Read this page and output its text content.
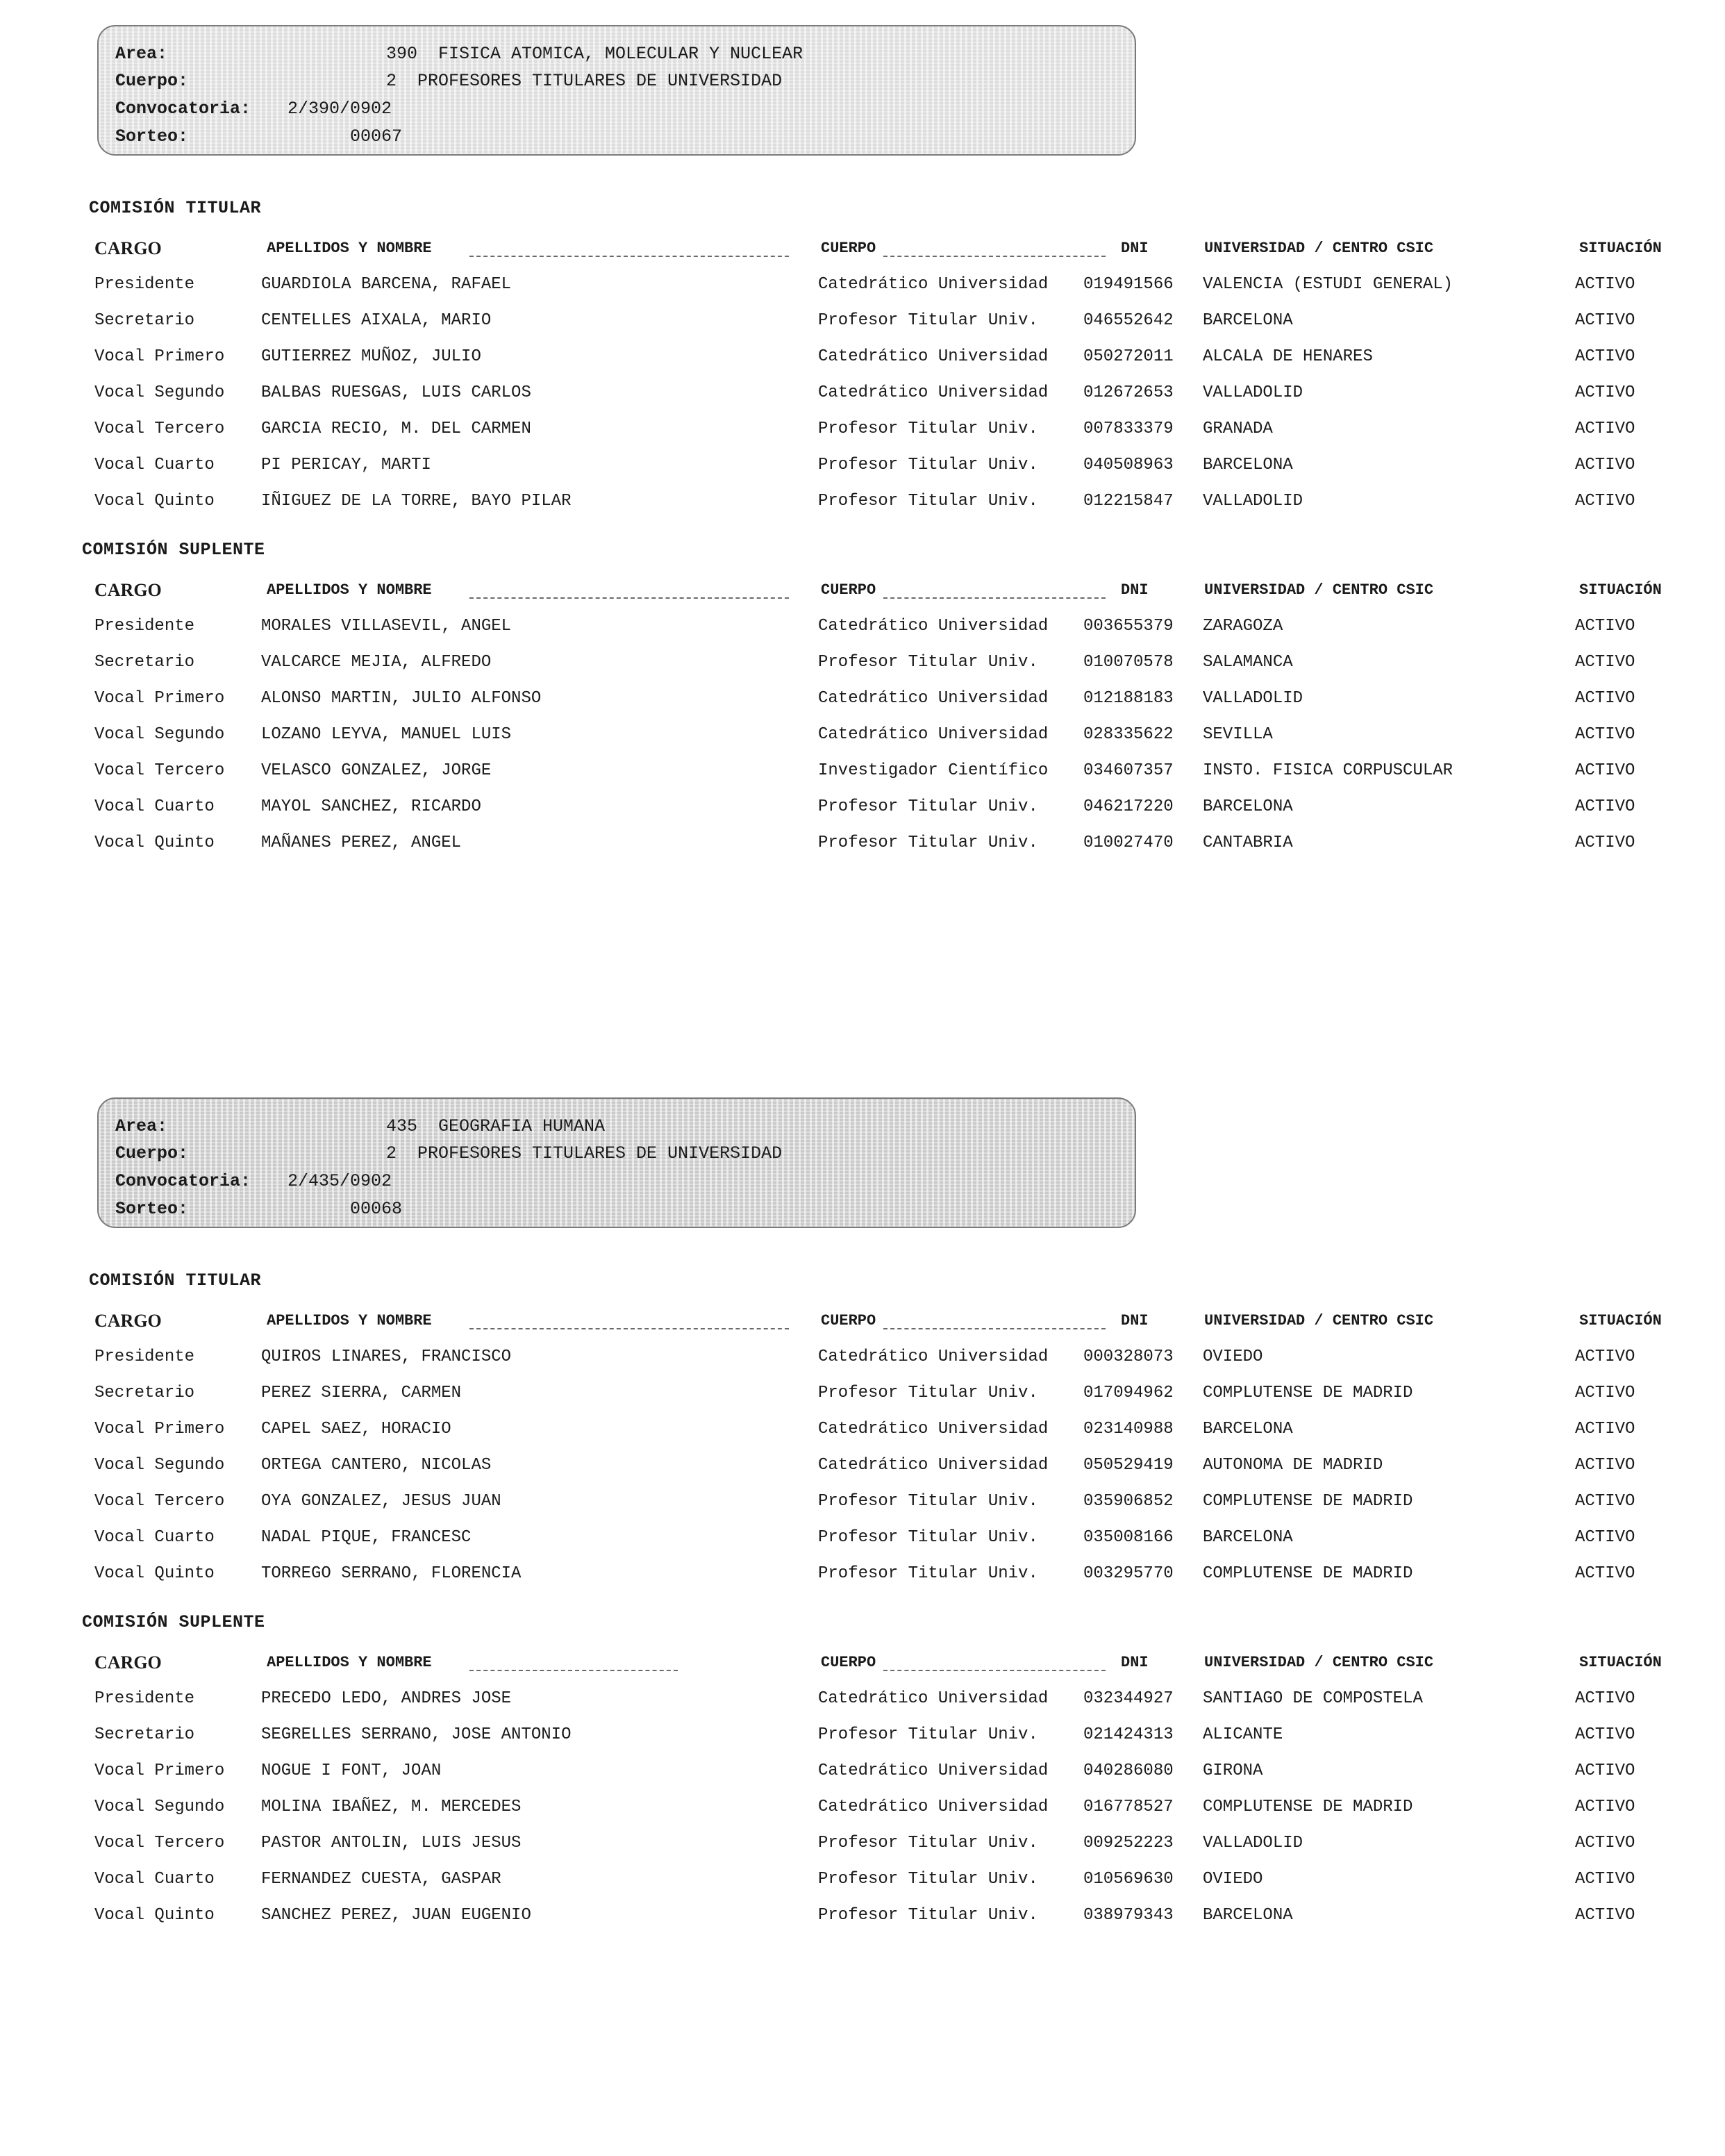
Area:

	390  FISICA ATOMICA, MOLECULAR Y NUCLEAR

Cuerpo:

	2  PROFESORES TITULARES DE UNIVERSIDAD

Convocatoria:

2/390/0902

Sorteo:

	00067

COMISIÓN TITULAR
CARGO	APELLIDOS Y NOMBRE	CUERPO	DNI	UNIVERSIDAD / CENTRO CSIC	SITUACIÓN
Presidente	GUARDIOLA BARCENA, RAFAEL	Catedrático Universidad 019491566 VALENCIA (ESTUDI GENERAL)	ACTIVO
Secretario	CENTELLES AIXALA, MARIO	Profesor Titular Univ.	046552642 BARCELONA	ACTIVO
Vocal Primero GUTIERREZ MUÑOZ, JULIO	Catedrático Universidad 050272011 ALCALA DE HENARES	ACTIVO
Vocal Segundo BALBAS RUESGAS, LUIS CARLOS	Catedrático Universidad 012672653 VALLADOLID	ACTIVO
Vocal Tercero GARCIA RECIO, M. DEL CARMEN	Profesor Titular Univ.	007833379 GRANADA	ACTIVO
Vocal Cuarto	PI PERICAY, MARTI	Profesor Titular Univ.	040508963 BARCELONA	ACTIVO
Vocal Quinto	IÑIGUEZ DE LA TORRE, BAYO PILAR	Profesor Titular Univ.	012215847 VALLADOLID	ACTIVO
COMISIÓN SUPLENTE
CARGO	APELLIDOS Y NOMBRE	CUERPO	DNI	UNIVERSIDAD / CENTRO CSIC	SITUACIÓN
Presidente	MORALES VILLASEVIL, ANGEL	Catedrático Universidad 003655379 ZARAGOZA	ACTIVO
Secretario	VALCARCE MEJIA, ALFREDO	Profesor Titular Univ.	010070578 SALAMANCA	ACTIVO
Vocal Primero ALONSO MARTIN, JULIO ALFONSO	Catedrático Universidad 012188183 VALLADOLID	ACTIVO
Vocal Segundo LOZANO LEYVA, MANUEL LUIS	Catedrático Universidad 028335622 SEVILLA	ACTIVO
Vocal Tercero VELASCO GONZALEZ, JORGE	Investigador Científico 034607357 INSTO. FISICA CORPUSCULAR	ACTIVO
Vocal Cuarto	MAYOL SANCHEZ, RICARDO	Profesor Titular Univ.	046217220 BARCELONA	ACTIVO
Vocal Quinto	MAÑANES PEREZ, ANGEL	Profesor Titular Univ.	010027470 CANTABRIA	ACTIVO

Area:

	435  GEOGRAFIA HUMANA

Cuerpo:

	2  PROFESORES TITULARES DE UNIVERSIDAD

Convocatoria:

2/435/0902

Sorteo:

	00068

COMISIÓN TITULAR
CARGO	APELLIDOS Y NOMBRE	CUERPO	DNI	UNIVERSIDAD / CENTRO CSIC	SITUACIÓN
Presidente	QUIROS LINARES, FRANCISCO	Catedrático Universidad 000328073 OVIEDO	ACTIVO
Secretario	PEREZ SIERRA, CARMEN	Profesor Titular Univ.	017094962 COMPLUTENSE DE MADRID	ACTIVO
Vocal Primero CAPEL SAEZ, HORACIO	Catedrático Universidad 023140988 BARCELONA	ACTIVO
Vocal Segundo ORTEGA CANTERO, NICOLAS	Catedrático Universidad 050529419 AUTONOMA DE MADRID	ACTIVO
Vocal Tercero OYA GONZALEZ, JESUS JUAN	Profesor Titular Univ.	035906852 COMPLUTENSE DE MADRID	ACTIVO
Vocal Cuarto	NADAL PIQUE, FRANCESC	Profesor Titular Univ.	035008166 BARCELONA	ACTIVO
Vocal Quinto	TORREGO SERRANO, FLORENCIA	Profesor Titular Univ.	003295770 COMPLUTENSE DE MADRID	ACTIVO
COMISIÓN SUPLENTE
CARGO	APELLIDOS Y NOMBRE	CUERPO	DNI	UNIVERSIDAD / CENTRO CSIC	SITUACIÓN
Presidente	PRECEDO LEDO, ANDRES JOSE	Catedrático Universidad 032344927 SANTIAGO DE COMPOSTELA	ACTIVO
Secretario	SEGRELLES SERRANO, JOSE ANTONIO	Profesor Titular Univ.	021424313 ALICANTE	ACTIVO
Vocal Primero NOGUE I FONT, JOAN	Catedrático Universidad 040286080 GIRONA	ACTIVO
Vocal Segundo MOLINA IBAÑEZ, M. MERCEDES	Catedrático Universidad 016778527 COMPLUTENSE DE MADRID	ACTIVO
Vocal Tercero PASTOR ANTOLIN, LUIS JESUS	Profesor Titular Univ.	009252223 VALLADOLID	ACTIVO
Vocal Cuarto	FERNANDEZ CUESTA, GASPAR	Profesor Titular Univ.	010569630 OVIEDO	ACTIVO
Vocal Quinto	SANCHEZ PEREZ, JUAN EUGENIO	Profesor Titular Univ.	038979343 BARCELONA	ACTIVO
